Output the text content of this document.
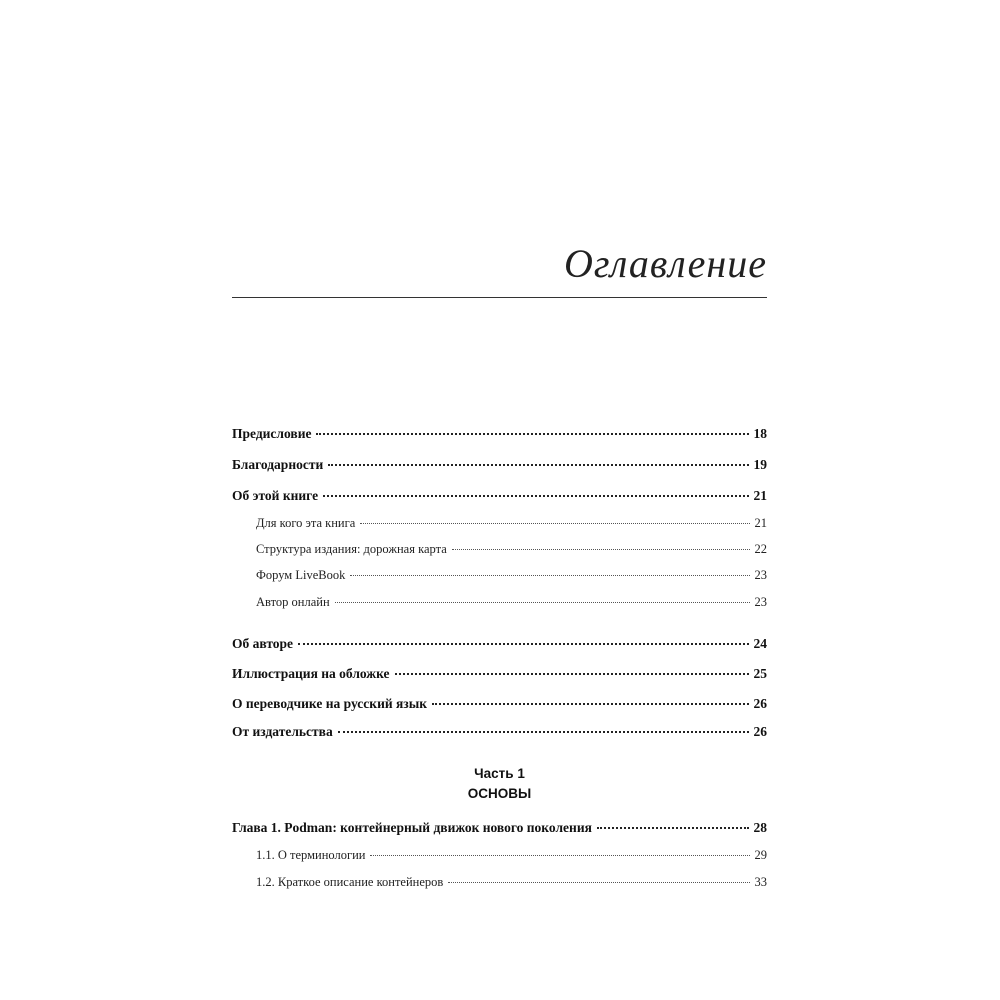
Оглавление
Предисловие	18
Благодарности	19
Об этой книге	21
Для кого эта книга	21
Структура издания: дорожная карта	22
Форум LiveBook	23
Автор онлайн	23
Об авторе	24
Иллюстрация на обложке	25
О переводчике на русский язык	26
От издательства	26
Часть 1
ОСНОВЫ
Глава 1. Podman: контейнерный движок нового поколения	28
1.1. О терминологии	29
1.2. Краткое описание контейнеров	33
